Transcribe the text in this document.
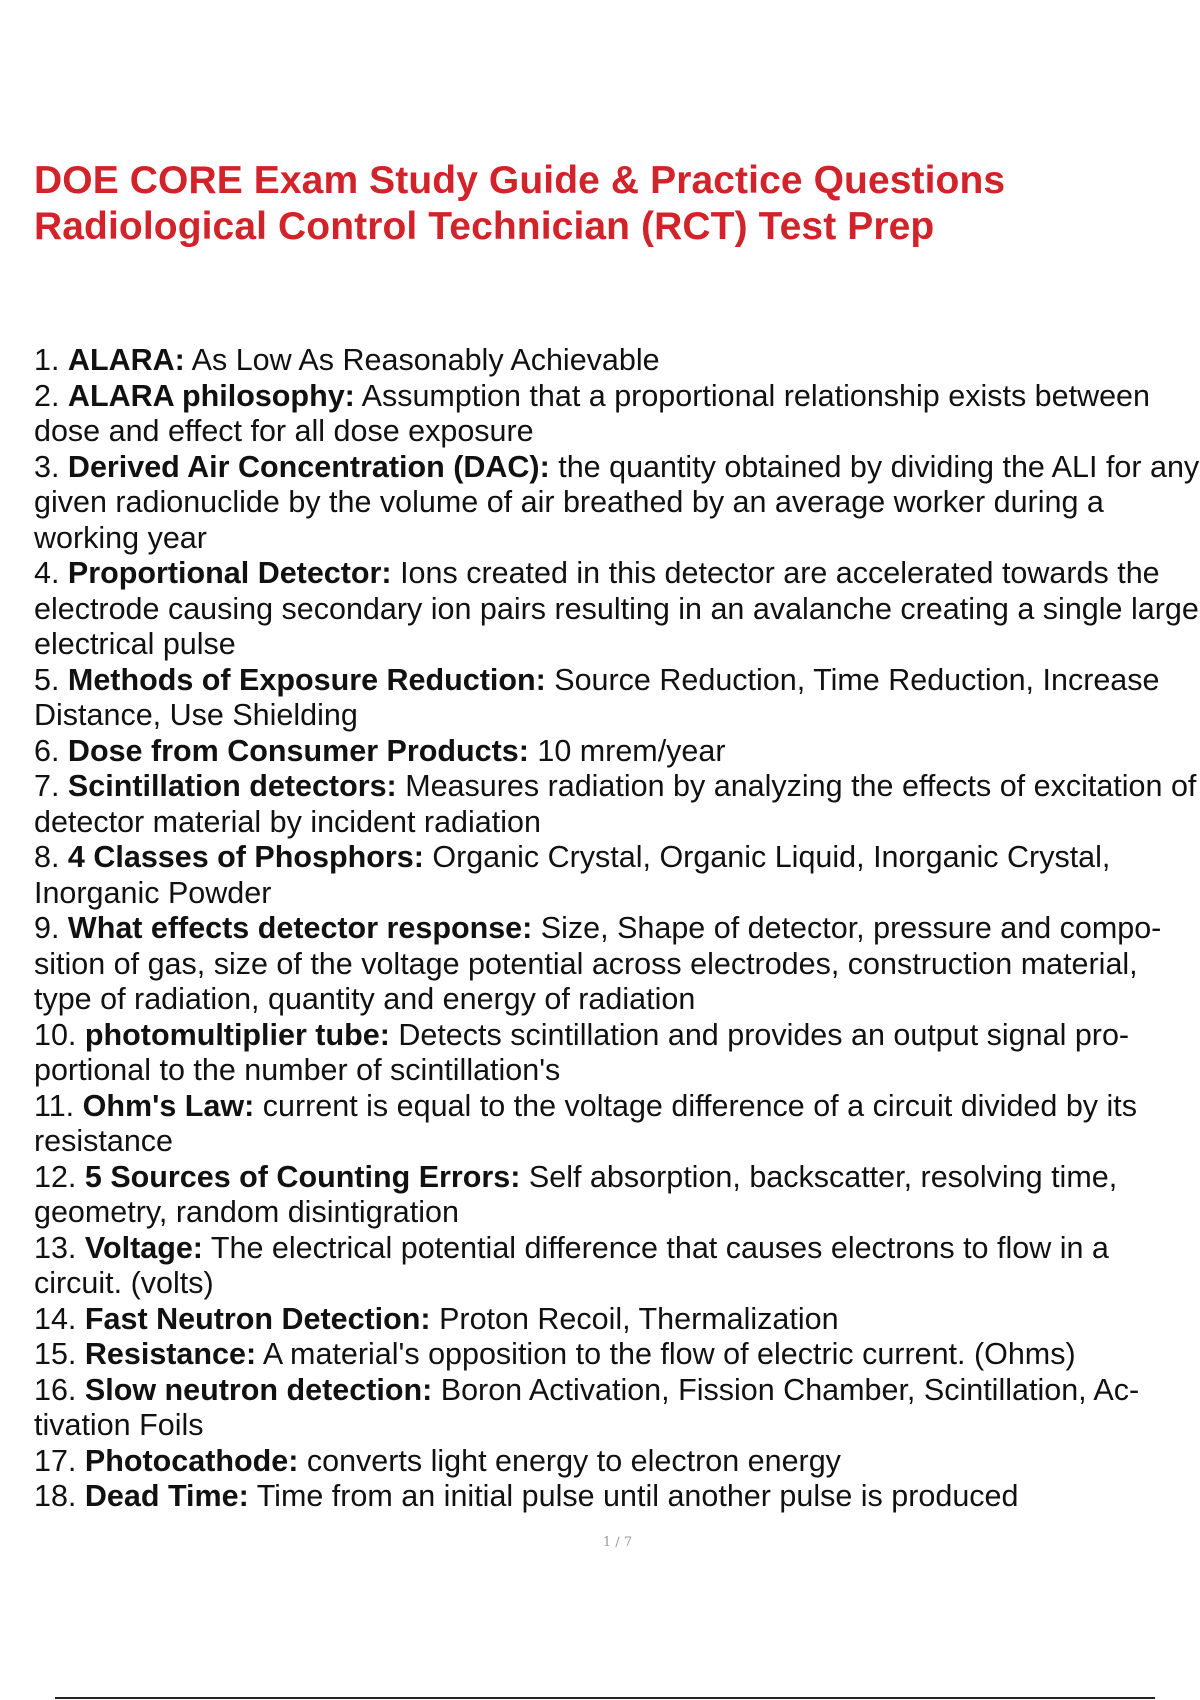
DOE CORE Exam Study Guide & Practice Questions
Radiological Control Technician (RCT) Test Prep
1. ALARA: As Low As Reasonably Achievable
2. ALARA philosophy: Assumption that a proportional relationship exists between dose and effect for all dose exposure
3. Derived Air Concentration (DAC): the quantity obtained by dividing the ALI for any given radionuclide by the volume of air breathed by an average worker during a working year
4. Proportional Detector: Ions created in this detector are accelerated towards the electrode causing secondary ion pairs resulting in an avalanche creating a single large electrical pulse
5. Methods of Exposure Reduction: Source Reduction, Time Reduction, Increase Distance, Use Shielding
6. Dose from Consumer Products: 10 mrem/year
7. Scintillation detectors: Measures radiation by analyzing the effects of excitation of detector material by incident radiation
8. 4 Classes of Phosphors: Organic Crystal, Organic Liquid, Inorganic Crystal, Inorganic Powder
9. What effects detector response: Size, Shape of detector, pressure and compo-sition of gas, size of the voltage potential across electrodes, construction material, type of radiation, quantity and energy of radiation
10. photomultiplier tube: Detects scintillation and provides an output signal pro-portional to the number of scintillation's
11. Ohm's Law: current is equal to the voltage difference of a circuit divided by its resistance
12. 5 Sources of Counting Errors: Self absorption, backscatter, resolving time, geometry, random disintigration
13. Voltage: The electrical potential difference that causes electrons to flow in a circuit. (volts)
14. Fast Neutron Detection: Proton Recoil, Thermalization
15. Resistance: A material's opposition to the flow of electric current. (Ohms)
16. Slow neutron detection: Boron Activation, Fission Chamber, Scintillation, Ac-tivation Foils
17. Photocathode: converts light energy to electron energy
18. Dead Time: Time from an initial pulse until another pulse is produced
1 / 7
